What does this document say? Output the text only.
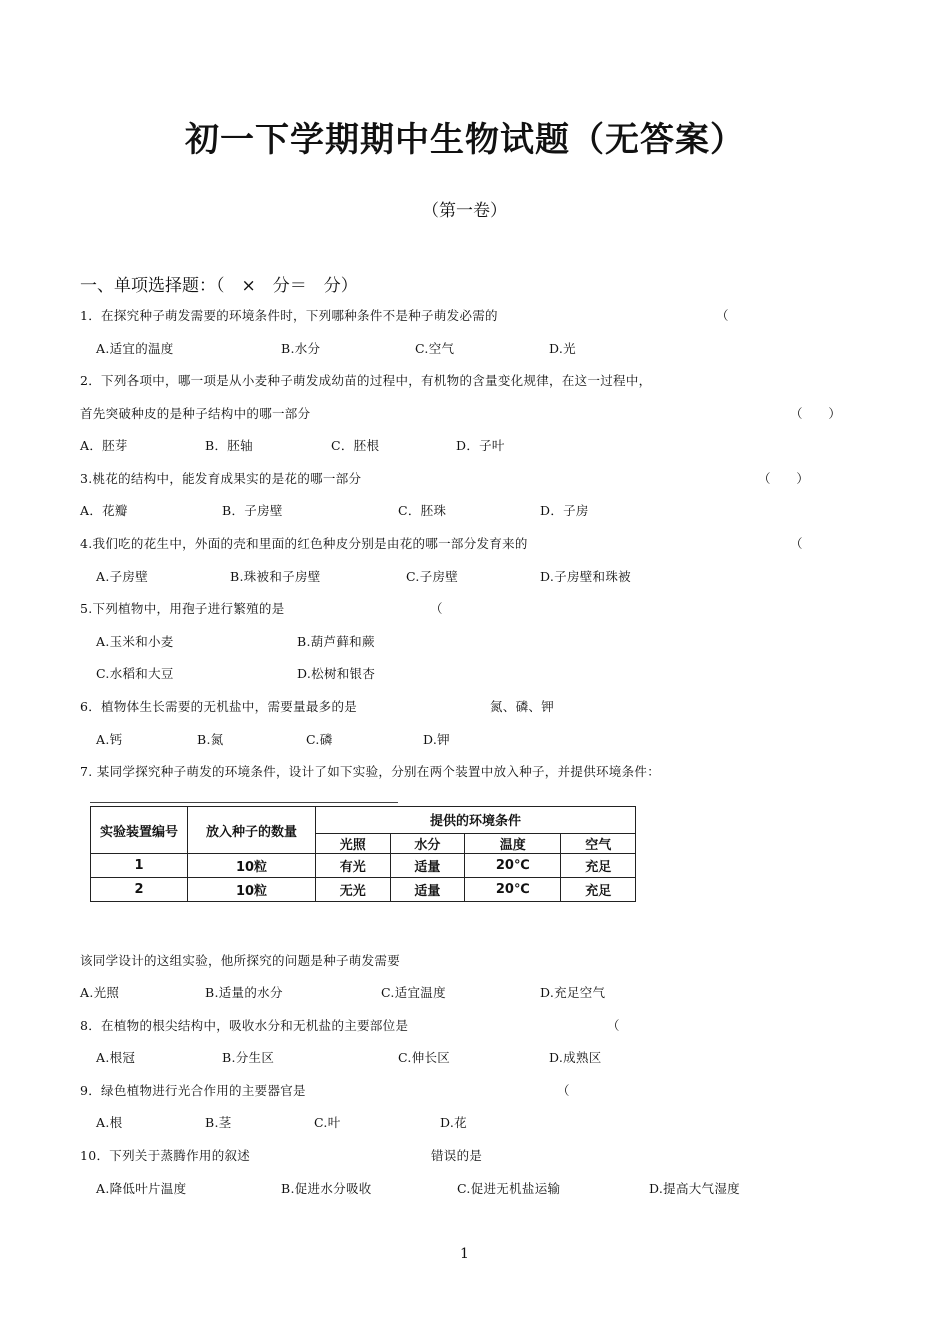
初一下学期期中生物试题（无答案）
（第一卷）
一、单项选择题：（　×　分＝　分）
1．在探究种子萌发需要的环境条件时，下列哪种条件不是种子萌发必需的	（
A.适宜的温度	B.水分	C.空气	D.光
2．下列各项中，哪一项是从小麦种子萌发成幼苗的过程中，有机物的含量变化规律，在这一过程中，
首先突破种皮的是种子结构中的哪一部分	（　　）
A．胚芽	B．胚轴	C．胚根	D．子叶
3.桃花的结构中，能发育成果实的是花的哪一部分	（　　）
A．花瓣	B．子房壁	C．胚珠	D．子房
4.我们吃的花生中，外面的壳和里面的红色种皮分别是由花的哪一部分发育来的	（
A.子房壁	B.珠被和子房壁	C.子房壁	D.子房壁和珠被
5.下列植物中，用孢子进行繁殖的是	（
A.玉米和小麦	B.葫芦藓和蕨
C.水稻和大豆	D.松树和银杏
6．植物体生长需要的无机盐中，需要量最多的是	氮、磷、钾
A.钙	B.氮	C.磷	D.钾
7. 某同学探究种子萌发的环境条件，设计了如下实验，分别在两个装置中放入种子，并提供环境条件：
实验装置编号	放入种子的数量	提供的环境条件			
		光照	水分	温度	空气
1	10粒	有光	适量	20℃	充足
2	10粒	无光	适量	20℃	充足
该同学设计的这组实验，他所探究的问题是种子萌发需要
A.光照	B.适量的水分	C.适宜温度	D.充足空气
8．在植物的根尖结构中，吸收水分和无机盐的主要部位是	（
A.根冠	B.分生区	C.伸长区	D.成熟区
9．绿色植物进行光合作用的主要器官是	（
A.根	B.茎	C.叶	D.花
10．下列关于蒸腾作用的叙述	错误的是
A.降低叶片温度	B.促进水分吸收	C.促进无机盐运输	D.提高大气湿度
1
